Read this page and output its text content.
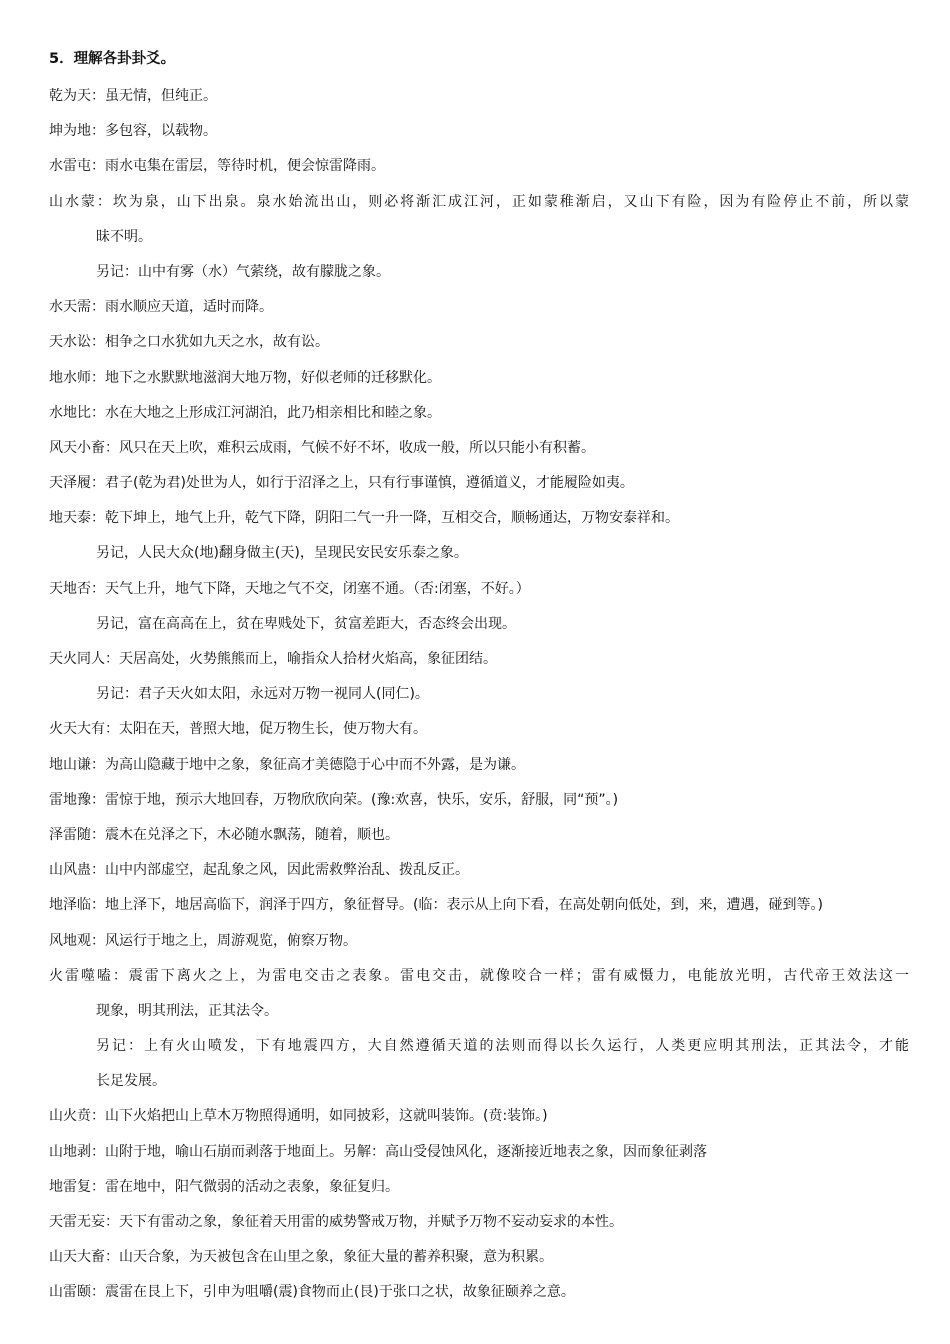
5．理解各卦卦爻。
乾为天：虽无情，但纯正。
坤为地：多包容，以载物。
水雷屯：雨水屯集在雷层，等待时机，便会惊雷降雨。
山水蒙：坎为泉，山下出泉。泉水始流出山，则必将渐汇成江河，正如蒙稚渐启，又山下有险，因为有险停止不前，所以蒙
昧不明。
另记：山中有雾（水）气萦绕，故有朦胧之象。
水天需：雨水顺应天道，适时而降。
天水讼：相争之口水犹如九天之水，故有讼。
地水师：地下之水默默地滋润大地万物，好似老师的迁移默化。
水地比：水在大地之上形成江河湖泊，此乃相亲相比和睦之象。
风天小畜：风只在天上吹，难积云成雨，气候不好不坏，收成一般，所以只能小有积蓄。
天泽履：君子(乾为君)处世为人，如行于沼泽之上，只有行事谨慎，遵循道义，才能履险如夷。
地天泰：乾下坤上，地气上升，乾气下降，阴阳二气一升一降，互相交合，顺畅通达，万物安泰祥和。
另记，人民大众(地)翻身做主(天)，呈现民安民安乐泰之象。
天地否：天气上升，地气下降，天地之气不交，闭塞不通。（否:闭塞，不好。）
另记，富在高高在上，贫在卑贱处下，贫富差距大，否态终会出现。
天火同人：天居高处，火势熊熊而上，喻指众人拾材火焰高，象征团结。
另记：君子天火如太阳，永远对万物一视同人(同仁)。
火天大有：太阳在天，普照大地，促万物生长，使万物大有。
地山谦：为高山隐藏于地中之象，象征高才美德隐于心中而不外露，是为谦。
雷地豫：雷惊于地，预示大地回春，万物欣欣向荣。(豫:欢喜，快乐，安乐，舒服，同“预”。)
泽雷随：震木在兑泽之下，木必随水飘荡，随着，顺也。
山风蛊：山中内部虚空，起乱象之风，因此需救弊治乱、拨乱反正。
地泽临：地上泽下，地居高临下，润泽于四方，象征督导。(临：表示从上向下看，在高处朝向低处，到，来，遭遇，碰到等。)
风地观：风运行于地之上，周游观览，俯察万物。
火雷噬嗑：震雷下离火之上，为雷电交击之表象。雷电交击，就像咬合一样；雷有威慑力，电能放光明，古代帝王效法这一
现象，明其刑法，正其法令。
另记：上有火山喷发，下有地震四方，大自然遵循天道的法则而得以长久运行，人类更应明其刑法，正其法令，才能
长足发展。
山火贲：山下火焰把山上草木万物照得通明，如同披彩，这就叫装饰。(贲:装饰。)
山地剥：山附于地，喻山石崩而剥落于地面上。另解：高山受侵蚀风化，逐渐接近地表之象，因而象征剥落
地雷复：雷在地中，阳气微弱的活动之表象，象征复归。
天雷无妄：天下有雷动之象，象征着天用雷的威势警戒万物，并赋予万物不妄动妄求的本性。
山天大畜：山天合象，为天被包含在山里之象，象征大量的蓄养积聚，意为积累。
山雷颐：震雷在艮上下，引申为咀嚼(震)食物而止(艮)于张口之状，故象征颐养之意。
